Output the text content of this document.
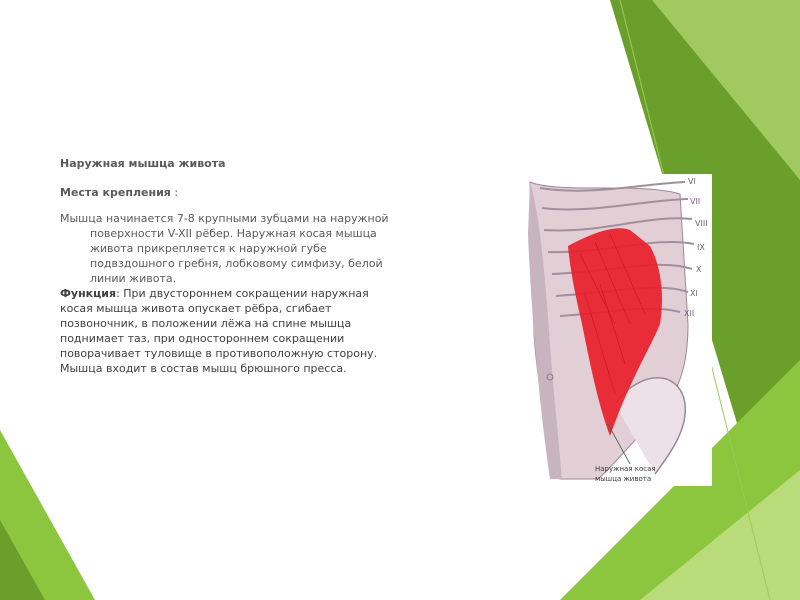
Наружная мышца живота
Места крепления :
Мышца начинается 7-8 крупными зубцами на наружной
поверхности V-XII рёбер. Наружная косая мышца живота прикрепляется к наружной губе подвздошного гребня, лобковому симфизу, белой линии живота.
Функция: При двустороннем сокращении наружная косая мышца живота опускает рёбра, сгибает позвоночник, в положении лёжа на спине мышца поднимает таз, при одностороннем сокращении поворачивает туловище в противоположную сторону. Мышца входит в состав мышц брюшного пресса.
VI
VII
VIII
IX
X
XI
XII
Наружная косая
мышца живота
